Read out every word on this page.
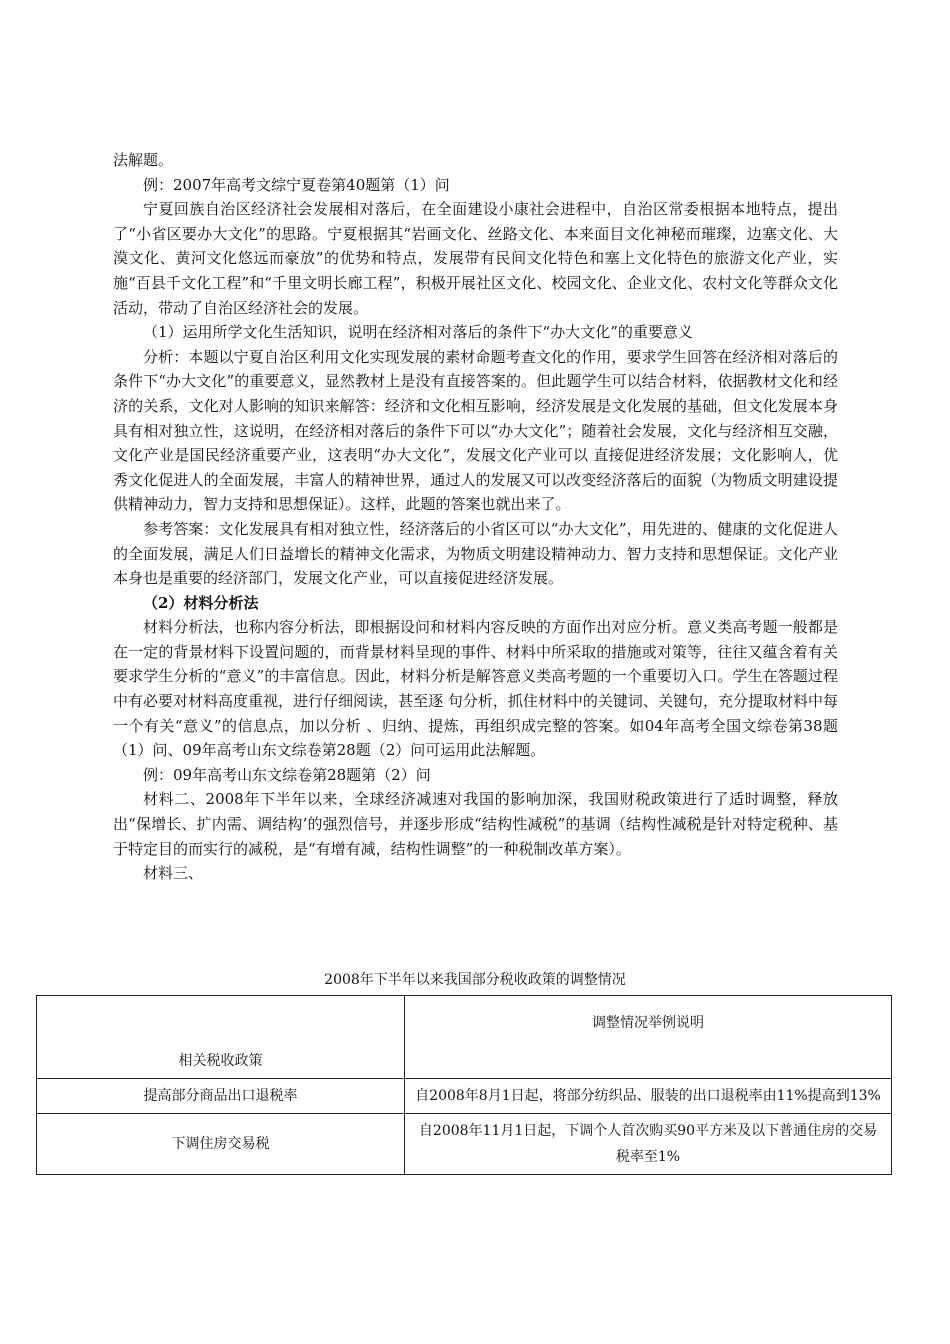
法解题。

例：2007年高考文综宁夏卷第40题第（1）问

宁夏回族自治区经济社会发展相对落后，在全面建设小康社会进程中，自治区常委根据本地特点，提出了“小省区要办大文化”的思路。宁夏根据其“岩画文化、丝路文化、本来面目文化神秘而璀璨，边塞文化、大漠文化、黄河文化悠远而豪放”的优势和特点，发展带有民间文化特色和塞上文化特色的旅游文化产业，实施“百县千文化工程”和“千里文明长廊工程”，积极开展社区文化、校园文化、企业文化、农村文化等群众文化活动，带动了自治区经济社会的发展。

（1）运用所学文化生活知识，说明在经济相对落后的条件下“办大文化”的重要意义

分析：本题以宁夏自治区利用文化实现发展的素材命题考查文化的作用，要求学生回答在经济相对落后的条件下“办大文化”的重要意义，显然教材上是没有直接答案的。但此题学生可以结合材料，依据教材文化和经济的关系，文化对人影响的知识来解答：经济和文化相互影响，经济发展是文化发展的基础，但文化发展本身具有相对独立性，这说明，在经济相对落后的条件下可以“办大文化”；随着社会发展，文化与经济相互交融，文化产业是国民经济重要产业，这表明“办大文化”，发展文化产业可以 直接促进经济发展；文化影响人，优秀文化促进人的全面发展，丰富人的精神世界，通过人的发展又可以改变经济落后的面貌（为物质文明建设提供精神动力，智力支持和思想保证）。这样，此题的答案也就出来了。

参考答案：文化发展具有相对独立性，经济落后的小省区可以“办大文化”，用先进的、健康的文化促进人的全面发展，满足人们日益增长的精神文化需求，为物质文明建设精神动力、智力支持和思想保证。文化产业本身也是重要的经济部门，发展文化产业，可以直接促进经济发展。

（2）材料分析法

材料分析法，也称内容分析法，即根据设问和材料内容反映的方面作出对应分析。意义类高考题一般都是在一定的背景材料下设置问题的，而背景材料呈现的事件、材料中所采取的措施或对策等，往往又蕴含着有关要求学生分析的“意义”的丰富信息。因此，材料分析是解答意义类高考题的一个重要切入口。学生在答题过程中有必要对材料高度重视，进行仔细阅读，甚至逐 句分析，抓住材料中的关键词、关键句，充分提取材料中每一个有关“意义”的信息点，加以分析 、归纳、提炼，再组织成完整的答案。如04年高考全国文综卷第38题（1）问、09年高考山东文综卷第28题（2）问可运用此法解题。

例：09年高考山东文综卷第28题第（2）问

材料二、2008年下半年以来，全球经济减速对我国的影响加深，我国财税政策进行了适时调整，释放出“保增长、扩内需、调结构’的强烈信号，并逐步形成“结构性减税”的基调（结构性减税是针对特定税种、基于特定目的而实行的减税，是“有增有减，结构性调整”的一种税制改革方案）。

材料三、

2008年下半年以来我国部分税收政策的调整情况
相关税收政策	调整情况举例说明
提高部分商品出口退税率	自2008年8月1日起，将部分纺织品、服装的出口退税率由11%提高到13%
下调住房交易税	自2008年11月1日起，下调个人首次购买90平方米及以下普通住房的交易税率至1%
